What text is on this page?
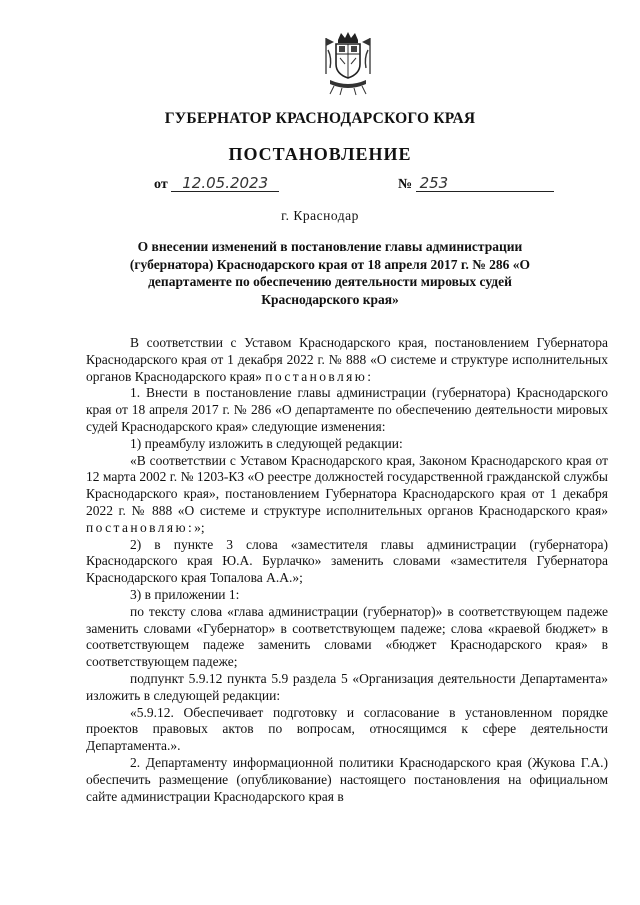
ГУБЕРНАТОР КРАСНОДАРСКОГО КРАЯ
ПОСТАНОВЛЕНИЕ
от 12.05.2023	№ 253
г. Краснодар
О внесении изменений в постановление главы администрации (губернатора) Краснодарского края от 18 апреля 2017 г. № 286 «О департаменте по обеспечению деятельности мировых судей Краснодарского края»

В соответствии с Уставом Краснодарского края, постановлением Губернатора Краснодарского края от 1 декабря 2022 г. № 888 «О системе и структуре исполнительных органов Краснодарского края» постановляю:

1. Внести в постановление главы администрации (губернатора) Краснодарского края от 18 апреля 2017 г. № 286 «О департаменте по обеспечению деятельности мировых судей Краснодарского края» следующие изменения:

1) преамбулу изложить в следующей редакции:

«В соответствии с Уставом Краснодарского края, Законом Краснодарского края от 12 марта 2002 г. № 1203-КЗ «О реестре должностей государственной гражданской службы Краснодарского края», постановлением Губернатора Краснодарского края от 1 декабря 2022 г. № 888 «О системе и структуре исполнительных органов Краснодарского края» постановляю:»;

2) в пункте 3 слова «заместителя главы администрации (губернатора) Краснодарского края Ю.А. Бурлачко» заменить словами «заместителя Губернатора Краснодарского края Топалова А.А.»;

3) в приложении 1:

по тексту слова «глава администрации (губернатор)» в соответствующем падеже заменить словами «Губернатор» в соответствующем падеже; слова «краевой бюджет» в соответствующем падеже заменить словами «бюджет Краснодарского края» в соответствующем падеже;

подпункт 5.9.12 пункта 5.9 раздела 5 «Организация деятельности Департамента» изложить в следующей редакции:

«5.9.12. Обеспечивает подготовку и согласование в установленном порядке проектов правовых актов по вопросам, относящимся к сфере деятельности Департамента.».

2. Департаменту информационной политики Краснодарского края (Жукова Г.А.) обеспечить размещение (опубликование) настоящего постановления на официальном сайте администрации Краснодарского края в
